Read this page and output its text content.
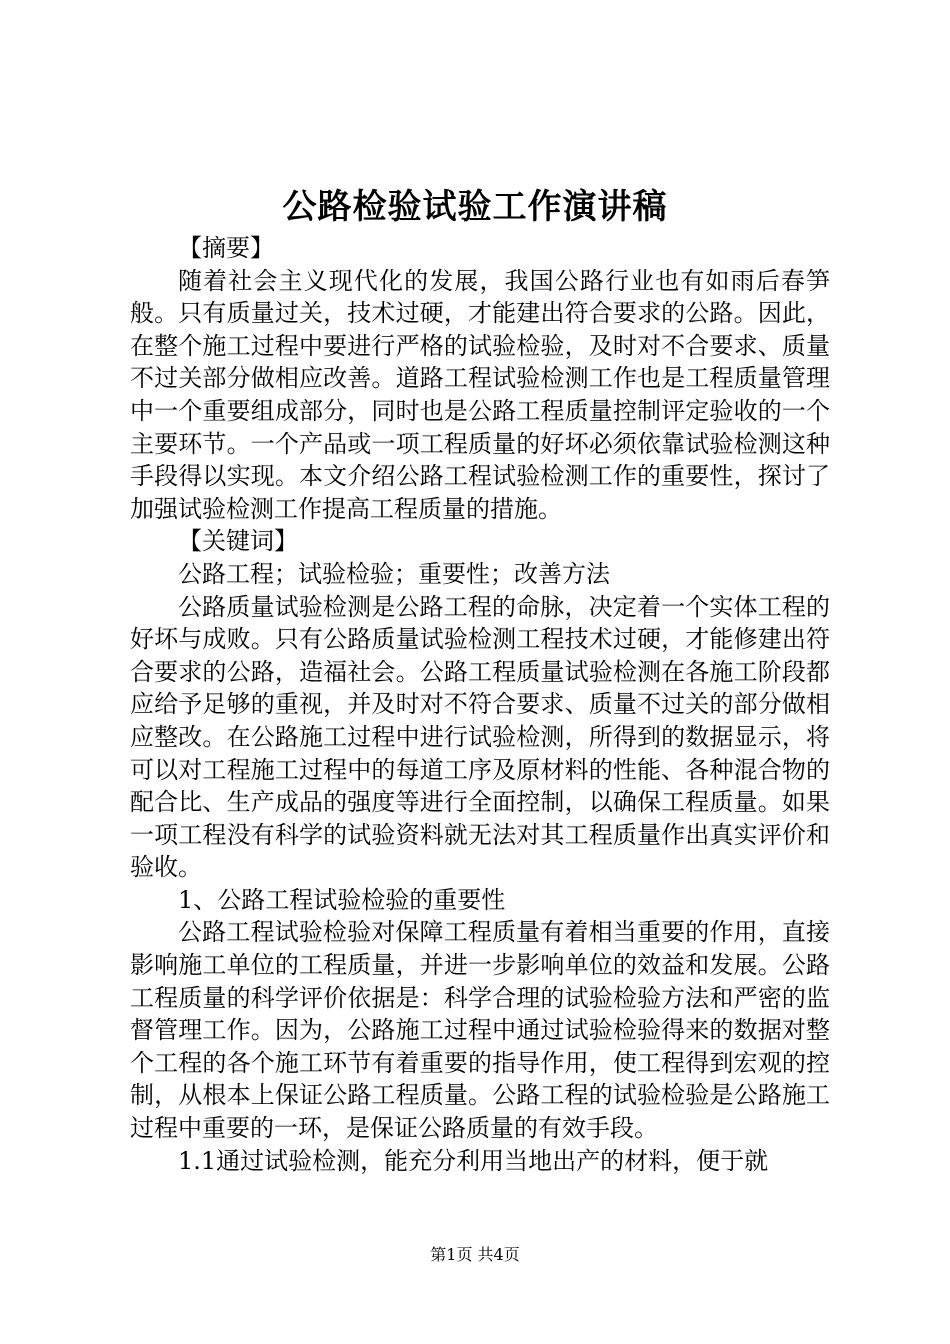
公路检验试验工作演讲稿

【摘要】

随着社会主义现代化的发展，我国公路行业也有如雨后春笋般。只有质量过关，技术过硬，才能建出符合要求的公路。因此，在整个施工过程中要进行严格的试验检验，及时对不合要求、质量不过关部分做相应改善。道路工程试验检测工作也是工程质量管理中一个重要组成部分，同时也是公路工程质量控制评定验收的一个主要环节。一个产品或一项工程质量的好坏必须依靠试验检测这种手段得以实现。本文介绍公路工程试验检测工作的重要性，探讨了加强试验检测工作提高工程质量的措施。

【关键词】

公路工程；试验检验；重要性；改善方法

公路质量试验检测是公路工程的命脉，决定着一个实体工程的好坏与成败。只有公路质量试验检测工程技术过硬，才能修建出符合要求的公路，造福社会。公路工程质量试验检测在各施工阶段都应给予足够的重视，并及时对不符合要求、质量不过关的部分做相应整改。在公路施工过程中进行试验检测，所得到的数据显示，将可以对工程施工过程中的每道工序及原材料的性能、各种混合物的配合比、生产成品的强度等进行全面控制，以确保工程质量。如果一项工程没有科学的试验资料就无法对其工程质量作出真实评价和验收。

1、公路工程试验检验的重要性

公路工程试验检验对保障工程质量有着相当重要的作用，直接影响施工单位的工程质量，并进一步影响单位的效益和发展。公路工程质量的科学评价依据是：科学合理的试验检验方法和严密的监督管理工作。因为，公路施工过程中通过试验检验得来的数据对整个工程的各个施工环节有着重要的指导作用，使工程得到宏观的控制，从根本上保证公路工程质量。公路工程的试验检验是公路施工过程中重要的一环，是保证公路质量的有效手段。

1.1通过试验检测，能充分利用当地出产的材料，便于就

第1页 共4页
